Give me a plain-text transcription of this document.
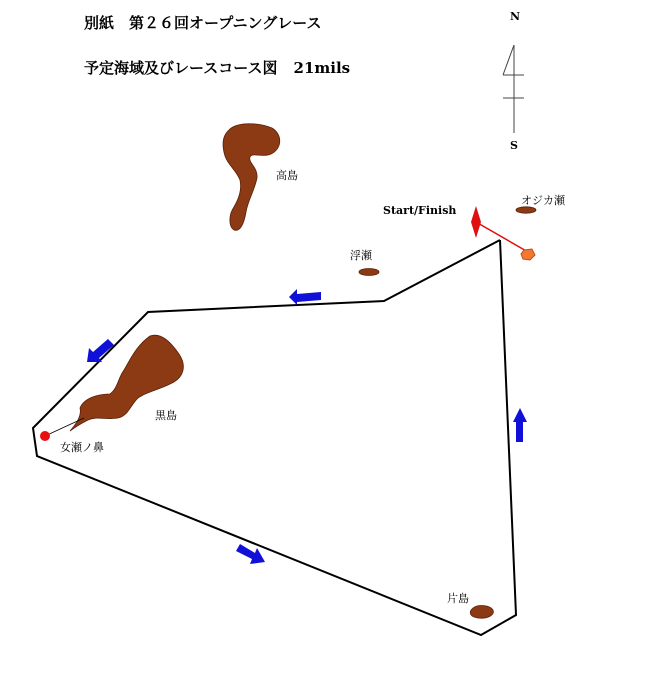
別紙　第２６回オープニングレース
予定海域及びレースコース図 21mils
N
S
高島
Start/Finish
オジカ瀬
浮瀬
黒島
女瀬ノ鼻
片島
